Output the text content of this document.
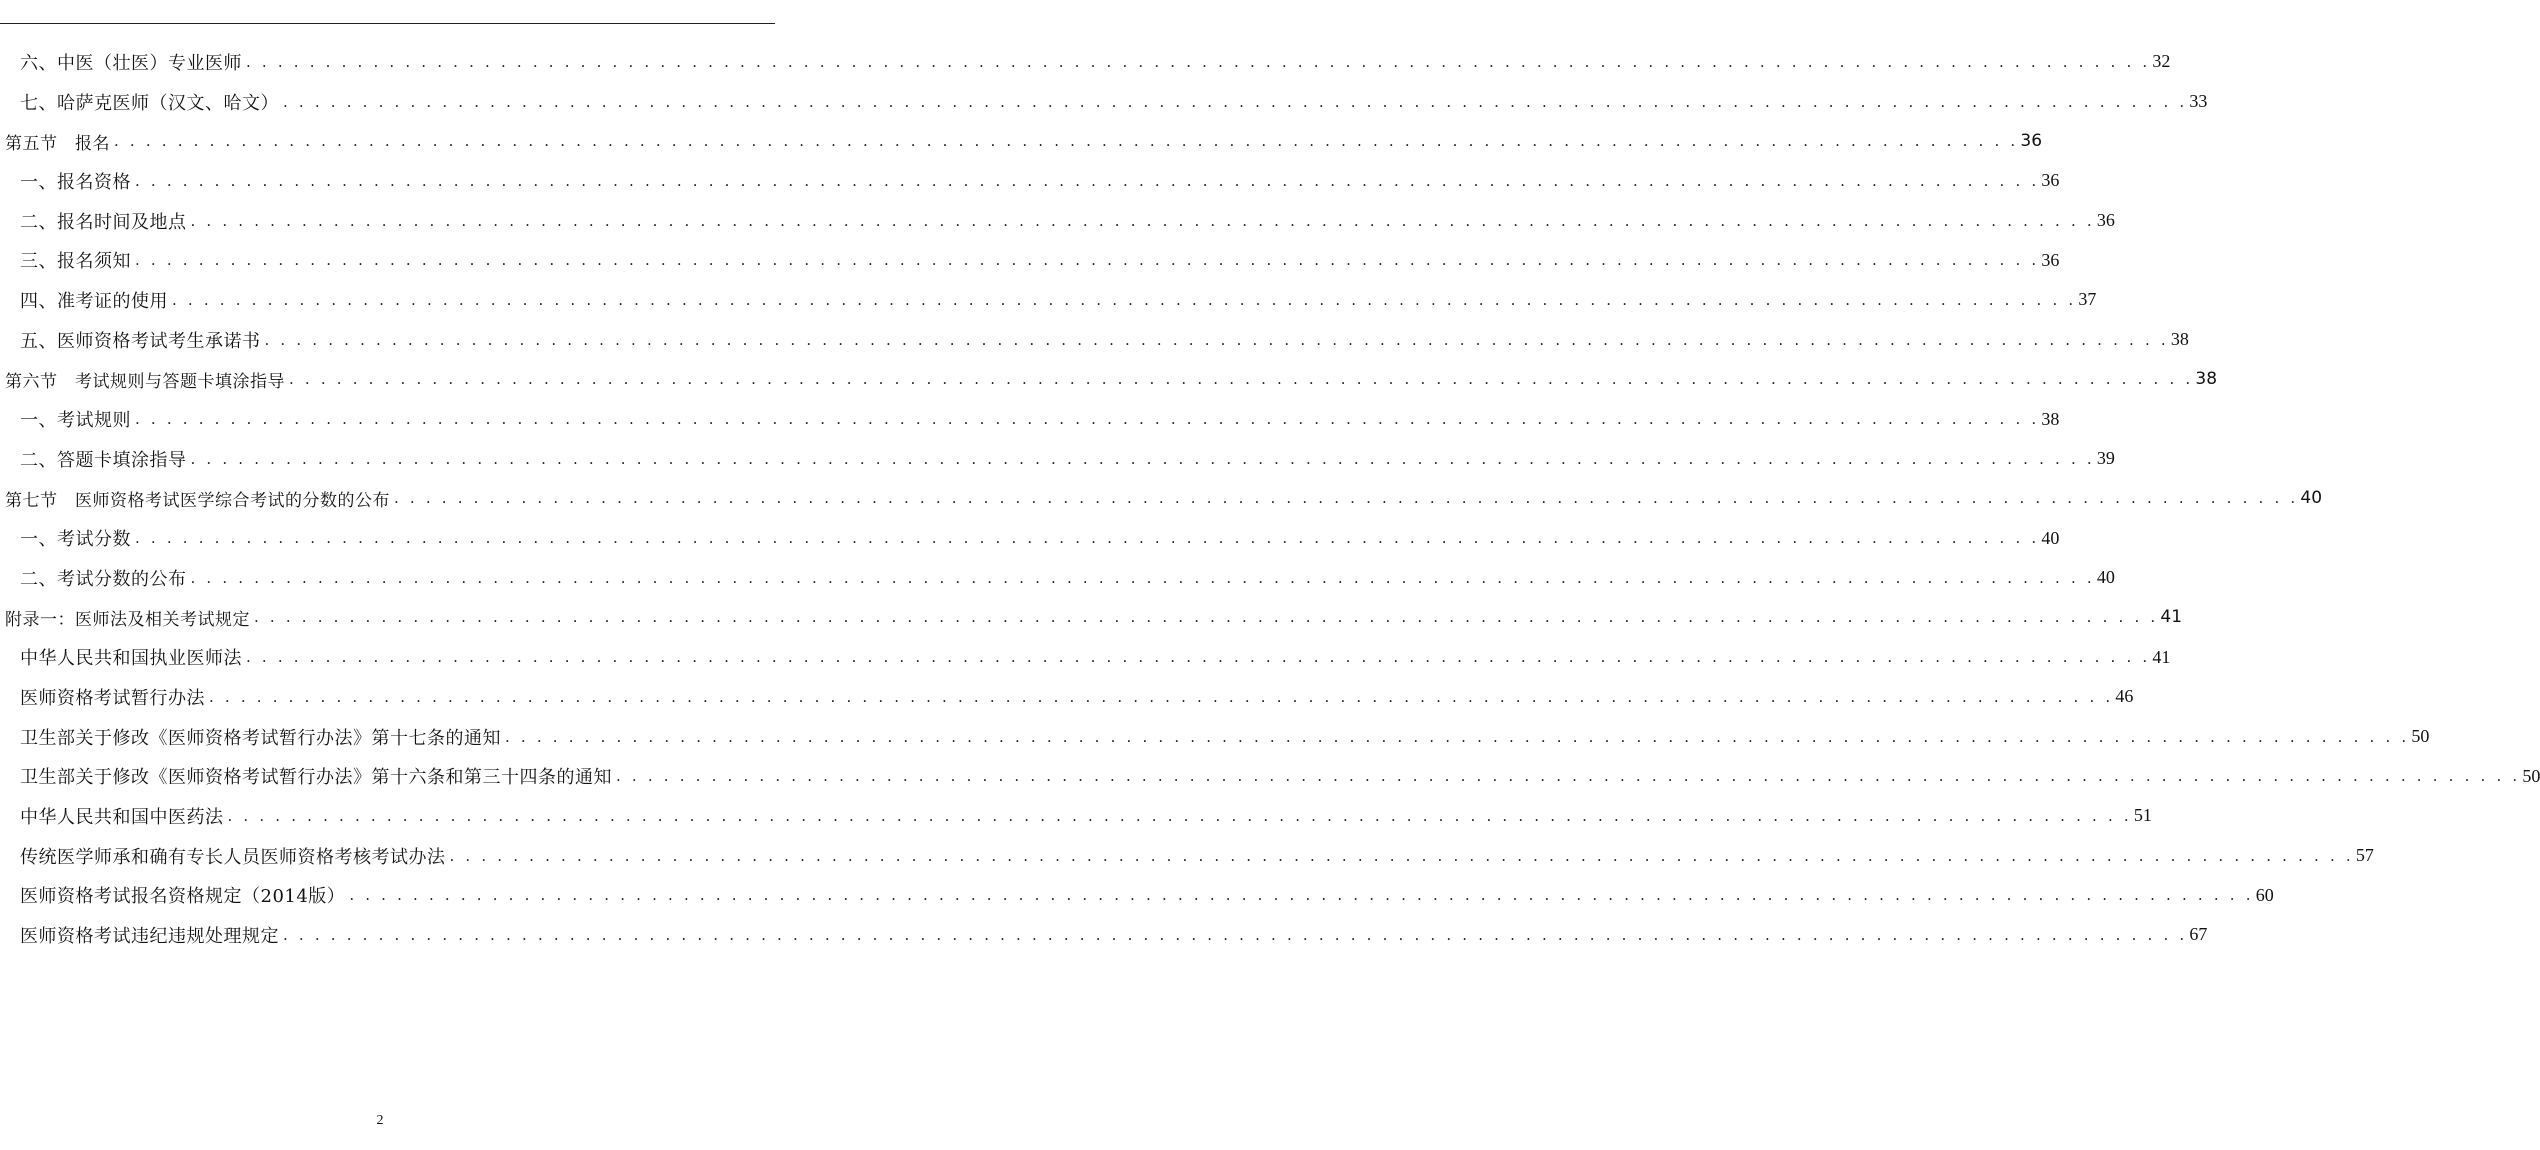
六、中医（壮医）专业医师 . . . . . . . . . . . . . . . . . . . . . . . . . . . . . . . . . . . . . . . . . . . . . . . . . . . . . . . . . . . . . . . . . . . . . . . . . . . . . . . . . . . . . . . . . . . . . . . . . . . . . . . . . . . . . . . . . . . . . . . . 32
七、哈萨克医师（汉文、哈文） . . . . . . . . . . . . . . . . . . . . . . . . . . . . . . . . . . . . . . . . . . . . . . . . . . . . . . . . . . . . . . . . . . . . . . . . . . . . . . . . . . . . . . . . . . . . . . . . . . . . . . . . . . . . . . . . . . . . . . . . 33
第五节　报名 . . . . . . . . . . . . . . . . . . . . . . . . . . . . . . . . . . . . . . . . . . . . . . . . . . . . . . . . . . . . . . . . . . . . . . . . . . . . . . . . . . . . . . . . . . . . . . . . . . . . . . . . . . . . . . . . . . . . . . . . 36
一、报名资格 . . . . . . . . . . . . . . . . . . . . . . . . . . . . . . . . . . . . . . . . . . . . . . . . . . . . . . . . . . . . . . . . . . . . . . . . . . . . . . . . . . . . . . . . . . . . . . . . . . . . . . . . . . . . . . . . . . . . . . . . 36
二、报名时间及地点 . . . . . . . . . . . . . . . . . . . . . . . . . . . . . . . . . . . . . . . . . . . . . . . . . . . . . . . . . . . . . . . . . . . . . . . . . . . . . . . . . . . . . . . . . . . . . . . . . . . . . . . . . . . . . . . . . . . . . . . . 36
三、报名须知 . . . . . . . . . . . . . . . . . . . . . . . . . . . . . . . . . . . . . . . . . . . . . . . . . . . . . . . . . . . . . . . . . . . . . . . . . . . . . . . . . . . . . . . . . . . . . . . . . . . . . . . . . . . . . . . . . . . . . . . . 36
四、准考证的使用 . . . . . . . . . . . . . . . . . . . . . . . . . . . . . . . . . . . . . . . . . . . . . . . . . . . . . . . . . . . . . . . . . . . . . . . . . . . . . . . . . . . . . . . . . . . . . . . . . . . . . . . . . . . . . . . . . . . . . . . . 37
五、医师资格考试考生承诺书 . . . . . . . . . . . . . . . . . . . . . . . . . . . . . . . . . . . . . . . . . . . . . . . . . . . . . . . . . . . . . . . . . . . . . . . . . . . . . . . . . . . . . . . . . . . . . . . . . . . . . . . . . . . . . . . . . . . . . . . . 38
第六节　考试规则与答题卡填涂指导 . . . . . . . . . . . . . . . . . . . . . . . . . . . . . . . . . . . . . . . . . . . . . . . . . . . . . . . . . . . . . . . . . . . . . . . . . . . . . . . . . . . . . . . . . . . . . . . . . . . . . . . . . . . . . . . . . . . . . . . . 38
一、考试规则 . . . . . . . . . . . . . . . . . . . . . . . . . . . . . . . . . . . . . . . . . . . . . . . . . . . . . . . . . . . . . . . . . . . . . . . . . . . . . . . . . . . . . . . . . . . . . . . . . . . . . . . . . . . . . . . . . . . . . . . . 38
二、答题卡填涂指导 . . . . . . . . . . . . . . . . . . . . . . . . . . . . . . . . . . . . . . . . . . . . . . . . . . . . . . . . . . . . . . . . . . . . . . . . . . . . . . . . . . . . . . . . . . . . . . . . . . . . . . . . . . . . . . . . . . . . . . . . 39
第七节　医师资格考试医学综合考试的分数的公布 . . . . . . . . . . . . . . . . . . . . . . . . . . . . . . . . . . . . . . . . . . . . . . . . . . . . . . . . . . . . . . . . . . . . . . . . . . . . . . . . . . . . . . . . . . . . . . . . . . . . . . . . . . . . . . . . . . . . . . . . 40
一、考试分数 . . . . . . . . . . . . . . . . . . . . . . . . . . . . . . . . . . . . . . . . . . . . . . . . . . . . . . . . . . . . . . . . . . . . . . . . . . . . . . . . . . . . . . . . . . . . . . . . . . . . . . . . . . . . . . . . . . . . . . . . 40
二、考试分数的公布 . . . . . . . . . . . . . . . . . . . . . . . . . . . . . . . . . . . . . . . . . . . . . . . . . . . . . . . . . . . . . . . . . . . . . . . . . . . . . . . . . . . . . . . . . . . . . . . . . . . . . . . . . . . . . . . . . . . . . . . . 40
附录一：医师法及相关考试规定 . . . . . . . . . . . . . . . . . . . . . . . . . . . . . . . . . . . . . . . . . . . . . . . . . . . . . . . . . . . . . . . . . . . . . . . . . . . . . . . . . . . . . . . . . . . . . . . . . . . . . . . . . . . . . . . . . . . . . . . . 41
中华人民共和国执业医师法 . . . . . . . . . . . . . . . . . . . . . . . . . . . . . . . . . . . . . . . . . . . . . . . . . . . . . . . . . . . . . . . . . . . . . . . . . . . . . . . . . . . . . . . . . . . . . . . . . . . . . . . . . . . . . . . . . . . . . . . . 41
医师资格考试暂行办法 . . . . . . . . . . . . . . . . . . . . . . . . . . . . . . . . . . . . . . . . . . . . . . . . . . . . . . . . . . . . . . . . . . . . . . . . . . . . . . . . . . . . . . . . . . . . . . . . . . . . . . . . . . . . . . . . . . . . . . . . 46
卫生部关于修改《医师资格考试暂行办法》第十七条的通知 . . . . . . . . . . . . . . . . . . . . . . . . . . . . . . . . . . . . . . . . . . . . . . . . . . . . . . . . . . . . . . . . . . . . . . . . . . . . . . . . . . . . . . . . . . . . . . . . . . . . . . . . . . . . . . . . . . . . . . . . 50
卫生部关于修改《医师资格考试暂行办法》第十六条和第三十四条的通知 . . . . . . . . . . . . . . . . . . . . . . . . . . . . . . . . . . . . . . . . . . . . . . . . . . . . . . . . . . . . . . . . . . . . . . . . . . . . . . . . . . . . . . . . . . . . . . . . . . . . . . . . . . . . . . . . . . . . . . . . 50
中华人民共和国中医药法 . . . . . . . . . . . . . . . . . . . . . . . . . . . . . . . . . . . . . . . . . . . . . . . . . . . . . . . . . . . . . . . . . . . . . . . . . . . . . . . . . . . . . . . . . . . . . . . . . . . . . . . . . . . . . . . . . . . . . . . . 51
传统医学师承和确有专长人员医师资格考核考试办法 . . . . . . . . . . . . . . . . . . . . . . . . . . . . . . . . . . . . . . . . . . . . . . . . . . . . . . . . . . . . . . . . . . . . . . . . . . . . . . . . . . . . . . . . . . . . . . . . . . . . . . . . . . . . . . . . . . . . . . . . 57
医师资格考试报名资格规定（2014版） . . . . . . . . . . . . . . . . . . . . . . . . . . . . . . . . . . . . . . . . . . . . . . . . . . . . . . . . . . . . . . . . . . . . . . . . . . . . . . . . . . . . . . . . . . . . . . . . . . . . . . . . . . . . . . . . . . . . . . . . 60
医师资格考试违纪违规处理规定 . . . . . . . . . . . . . . . . . . . . . . . . . . . . . . . . . . . . . . . . . . . . . . . . . . . . . . . . . . . . . . . . . . . . . . . . . . . . . . . . . . . . . . . . . . . . . . . . . . . . . . . . . . . . . . . . . . . . . . . . 67
2
